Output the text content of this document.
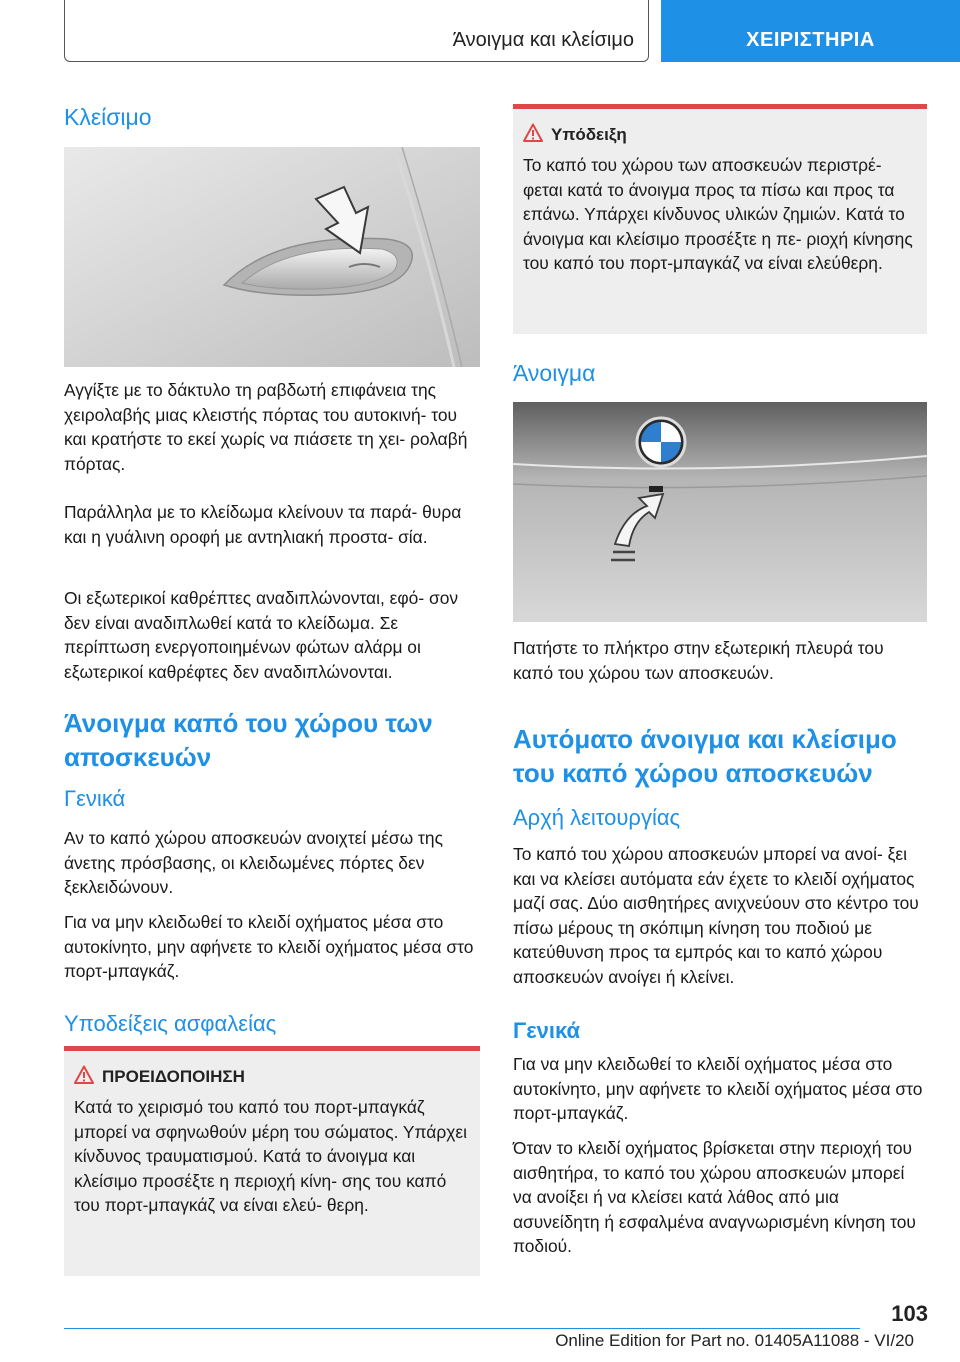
Άνοιγμα και κλείσιμο	ΧΕΙΡΙΣΤΗΡΙΑ
Κλείσιμο

Αγγίξτε με το δάκτυλο τη ραβδωτή επιφάνεια της χειρολαβής μιας κλειστής πόρτας του αυτοκινή- του και κρατήστε το εκεί χωρίς να πιάσετε τη χει- ρολαβή πόρτας.

Παράλληλα με το κλείδωμα κλείνουν τα παρά- θυρα και η γυάλινη οροφή με αντηλιακή προστα- σία.

Οι εξωτερικοί καθρέπτες αναδιπλώνονται, εφό- σον δεν είναι αναδιπλωθεί κατά το κλείδωμα. Σε περίπτωση ενεργοποιημένων φώτων αλάρμ οι εξωτερικοί καθρέφτες δεν αναδιπλώνονται.

Άνοιγμα καπό του χώρου των αποσκευών
Γενικά

Αν το καπό χώρου αποσκευών ανοιχτεί μέσω της άνετης πρόσβασης, οι κλειδωμένες πόρτες δεν ξεκλειδώνουν.

Για να μην κλειδωθεί το κλειδί οχήματος μέσα στο αυτοκίνητο, μην αφήνετε το κλειδί οχήματος μέσα στο πορτ-μπαγκάζ.

Υποδείξεις ασφαλείας
ΠΡΟΕΙΔΟΠΟΙΗΣΗ

Κατά το χειρισμό του καπό του πορτ-μπαγκάζ μπορεί να σφηνωθούν μέρη του σώματος. Υπάρχει κίνδυνος τραυματισμού. Κατά το άνοιγμα και κλείσιμο προσέξτε η περιοχή κίνη- σης του καπό του πορτ-μπαγκάζ να είναι ελεύ- θερη.

Υπόδειξη

Το καπό του χώρου των αποσκευών περιστρέ- φεται κατά το άνοιγμα προς τα πίσω και προς τα επάνω. Υπάρχει κίνδυνος υλικών ζημιών. Κατά το άνοιγμα και κλείσιμο προσέξτε η πε- ριοχή κίνησης του καπό του πορτ-μπαγκάζ να είναι ελεύθερη.

Άνοιγμα

Πατήστε το πλήκτρο στην εξωτερική πλευρά του καπό του χώρου των αποσκευών.

Αυτόματο άνοιγμα και κλείσιμο του καπό χώρου αποσκευών
Αρχή λειτουργίας

Το καπό του χώρου αποσκευών μπορεί να ανοί- ξει και να κλείσει αυτόματα εάν έχετε το κλειδί οχήματος μαζί σας. Δύο αισθητήρες ανιχνεύουν στο κέντρο του πίσω μέρους τη σκόπιμη κίνηση του ποδιού με κατεύθυνση προς τα εμπρός και το καπό χώρου αποσκευών ανοίγει ή κλείνει.

Γενικά

Για να μην κλειδωθεί το κλειδί οχήματος μέσα στο αυτοκίνητο, μην αφήνετε το κλειδί οχήματος μέσα στο πορτ-μπαγκάζ.

Όταν το κλειδί οχήματος βρίσκεται στην περιοχή του αισθητήρα, το καπό του χώρου αποσκευών μπορεί να ανοίξει ή να κλείσει κατά λάθος από μια ασυνείδητη ή εσφαλμένα αναγνωρισμένη κίνηση του ποδιού.

103
Online Edition for Part no. 01405A11088 - VI/20
